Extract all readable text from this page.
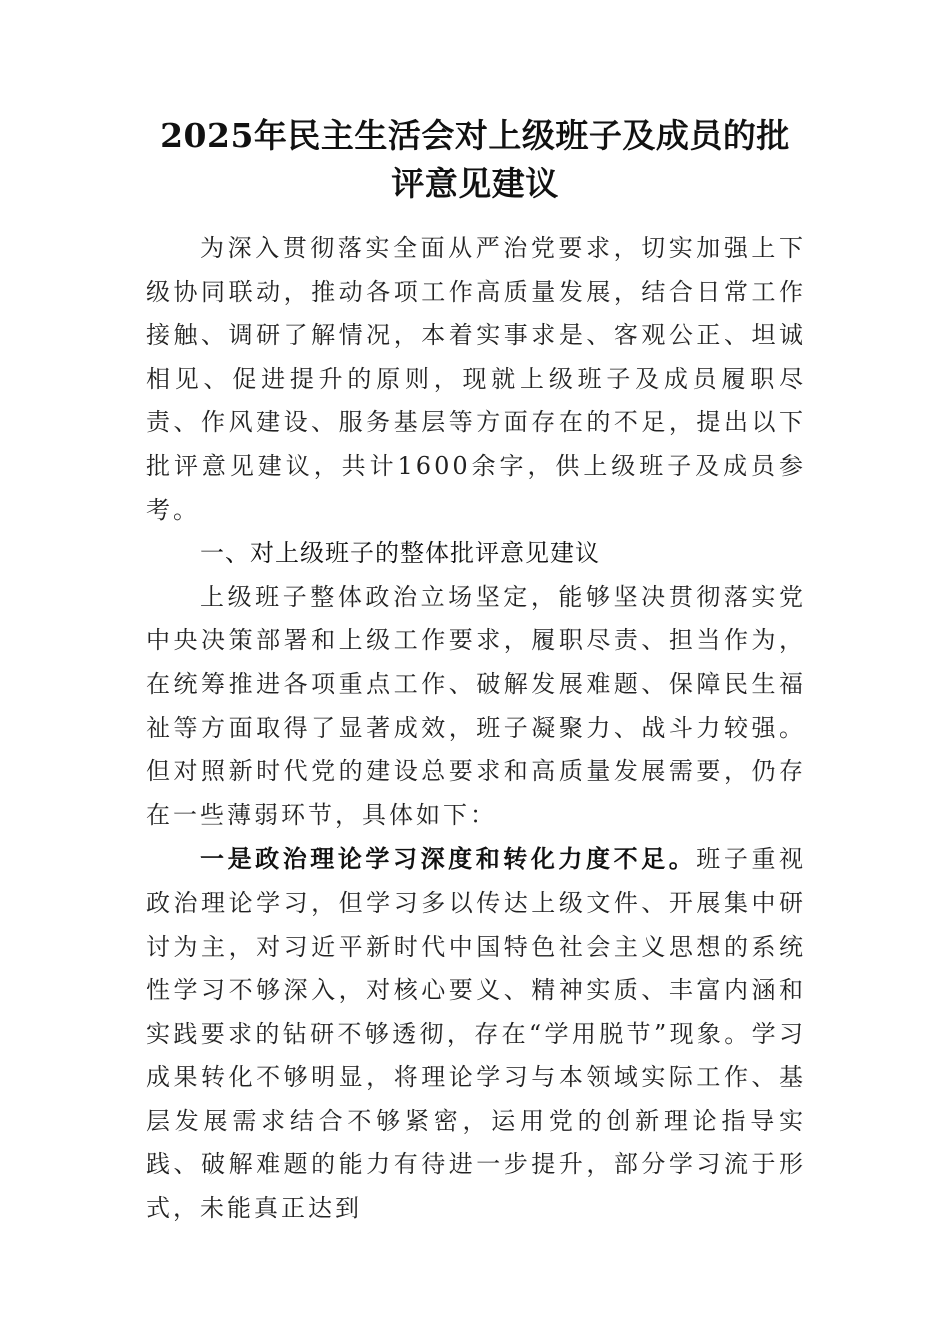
2025年民主生活会对上级班子及成员的批
评意见建议

为深入贯彻落实全面从严治党要求，切实加强上下级协同联动，推动各项工作高质量发展，结合日常工作接触、调研了解情况，本着实事求是、客观公正、坦诚相见、促进提升的原则，现就上级班子及成员履职尽责、作风建设、服务基层等方面存在的不足，提出以下批评意见建议，共计1600余字，供上级班子及成员参考。

一、对上级班子的整体批评意见建议

上级班子整体政治立场坚定，能够坚决贯彻落实党中央决策部署和上级工作要求，履职尽责、担当作为，在统筹推进各项重点工作、破解发展难题、保障民生福祉等方面取得了显著成效，班子凝聚力、战斗力较强。但对照新时代党的建设总要求和高质量发展需要，仍存在一些薄弱环节，具体如下：

一是政治理论学习深度和转化力度不足。班子重视政治理论学习，但学习多以传达上级文件、开展集中研讨为主，对习近平新时代中国特色社会主义思想的系统性学习不够深入，对核心要义、精神实质、丰富内涵和实践要求的钻研不够透彻，存在“学用脱节”现象。学习成果转化不够明显，将理论学习与本领域实际工作、基层发展需求结合不够紧密，运用党的创新理论指导实践、破解难题的能力有待进一步提升，部分学习流于形式，未能真正达到
